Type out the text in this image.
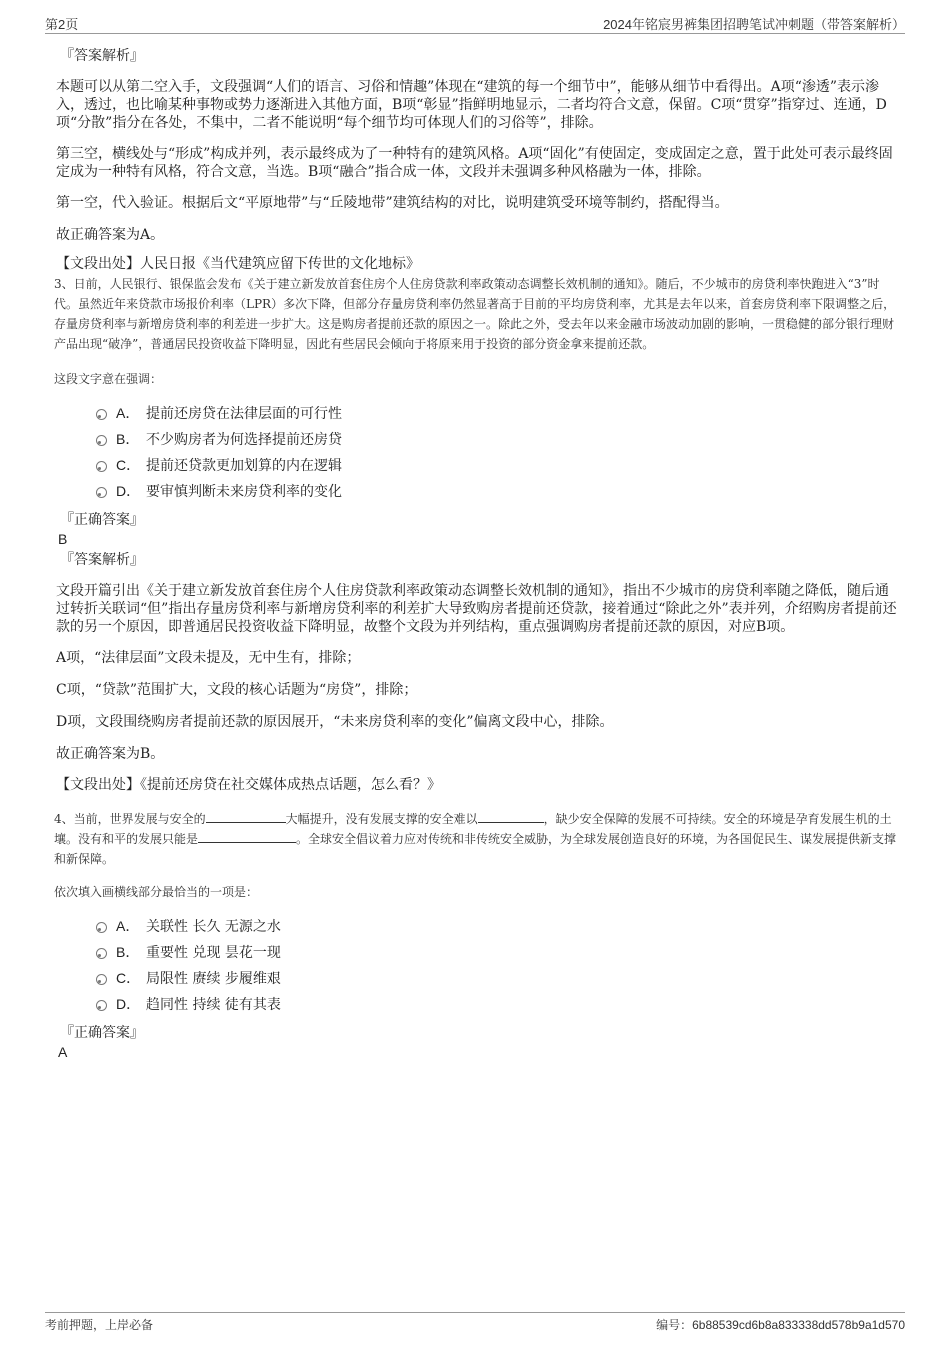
第2页	2024年铭宸男裤集团招聘笔试冲刺题（带答案解析）
『答案解析』
本题可以从第二空入手，文段强调“人们的语言、习俗和情趣”体现在“建筑的每一个细节中”，能够从细节中看得出。A项“渗透”表示渗入，透过，也比喻某种事物或势力逐渐进入其他方面，B项“彰显”指鲜明地显示，二者均符合文意，保留。C项“贯穿”指穿过、连通，D项“分散”指分在各处，不集中，二者不能说明“每个细节均可体现人们的习俗等”，排除。
第三空，横线处与“形成”构成并列，表示最终成为了一种特有的建筑风格。A项“固化”有使固定，变成固定之意，置于此处可表示最终固定成为一种特有风格，符合文意，当选。B项“融合”指合成一体，文段并未强调多种风格融为一体，排除。
第一空，代入验证。根据后文“平原地带”与“丘陵地带”建筑结构的对比，说明建筑受环境等制约，搭配得当。
故正确答案为A。
【文段出处】人民日报《当代建筑应留下传世的文化地标》
3、日前，人民银行、银保监会发布《关于建立新发放首套住房个人住房贷款利率政策动态调整长效机制的通知》。随后，不少城市的房贷利率快跑进入“3”时代。虽然近年来贷款市场报价利率（LPR）多次下降，但部分存量房贷利率仍然显著高于目前的平均房贷利率，尤其是去年以来，首套房贷利率下限调整之后，存量房贷利率与新增房贷利率的利差进一步扩大。这是购房者提前还款的原因之一。除此之外，受去年以来金融市场波动加剧的影响，一贯稳健的部分银行理财产品出现“破净”，普通居民投资收益下降明显，因此有些居民会倾向于将原来用于投资的部分资金拿来提前还款。
这段文字意在强调：
A． 提前还房贷在法律层面的可行性
B． 不少购房者为何选择提前还房贷
C． 提前还贷款更加划算的内在逻辑
D． 要审慎判断未来房贷利率的变化
『正确答案』
B
『答案解析』
文段开篇引出《关于建立新发放首套住房个人住房贷款利率政策动态调整长效机制的通知》，指出不少城市的房贷利率随之降低，随后通过转折关联词“但”指出存量房贷利率与新增房贷利率的利差扩大导致购房者提前还贷款，接着通过“除此之外”表并列，介绍购房者提前还款的另一个原因，即普通居民投资收益下降明显，故整个文段为并列结构，重点强调购房者提前还款的原因，对应B项。
A项，“法律层面”文段未提及，无中生有，排除；
C项，“贷款”范围扩大，文段的核心话题为“房贷”，排除；
D项，文段围绕购房者提前还款的原因展开，“未来房贷利率的变化”偏离文段中心，排除。
故正确答案为B。
【文段出处】《提前还房贷在社交媒体成热点话题，怎么看？》
4、当前，世界发展与安全的	大幅提升，没有发展支撑的安全难以	，缺少安全保障的发展不可持续。安全的环境是孕育发展生机的土壤。没有和平的发展只能是	。全球安全倡议着力应对传统和非传统安全威胁，为全球发展创造良好的环境，为各国促民生、谋发展提供新支撑和新保障。
依次填入画横线部分最恰当的一项是：
A． 关联性 长久 无源之水
B． 重要性 兑现 昙花一现
C． 局限性 赓续 步履维艰
D． 趋同性 持续 徒有其表
『正确答案』
A
考前押题，上岸必备	编号：6b88539cd6b8a833338dd578b9a1d570
